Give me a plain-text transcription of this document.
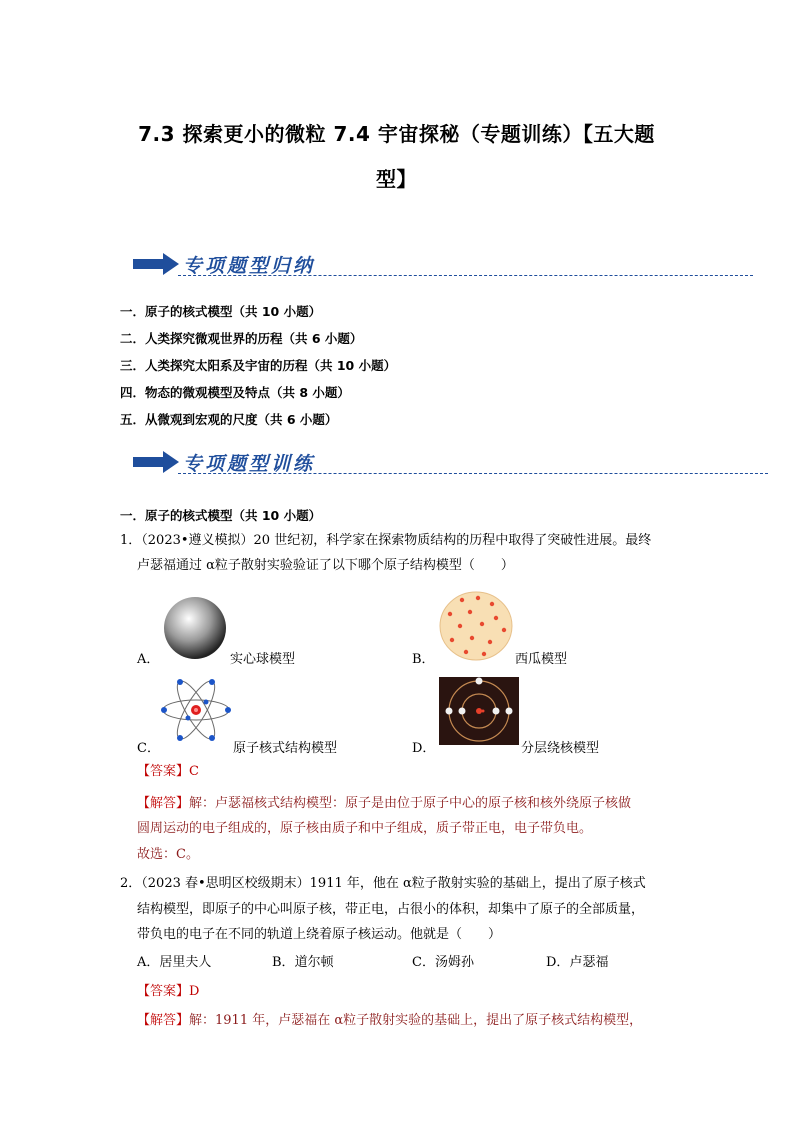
7.3 探索更小的微粒 7.4 宇宙探秘（专题训练）【五大题
型】
专项题型归纳
一．原子的核式模型（共 10 小题）
二．人类探究微观世界的历程（共 6 小题）
三．人类探究太阳系及宇宙的历程（共 10 小题）
四．物态的微观模型及特点（共 8 小题）
五．从微观到宏观的尺度（共 6 小题）
专项题型训练
一．原子的核式模型（共 10 小题）
1．（2023•遵义模拟）20 世纪初，科学家在探索物质结构的历程中取得了突破性进展。最终
卢瑟福通过 α粒子散射实验验证了以下哪个原子结构模型（　　）
A．	实心球模型	B．	西瓜模型
C．	原子核式结构模型	D．	分层绕核模型
【答案】C
【解答】解：卢瑟福核式结构模型：原子是由位于原子中心的原子核和核外绕原子核做
圆周运动的电子组成的，原子核由质子和中子组成，质子带正电，电子带负电。
故选：C。
2．（2023 春•思明区校级期末）1911 年，他在 α粒子散射实验的基础上，提出了原子核式
结构模型，即原子的中心叫原子核，带正电，占很小的体积，却集中了原子的全部质量，
带负电的电子在不同的轨道上绕着原子核运动。他就是（　　）
A．居里夫人	B．道尔顿	C．汤姆孙	D．卢瑟福
【答案】D
【解答】解：1911 年，卢瑟福在 α粒子散射实验的基础上，提出了原子核式结构模型，
